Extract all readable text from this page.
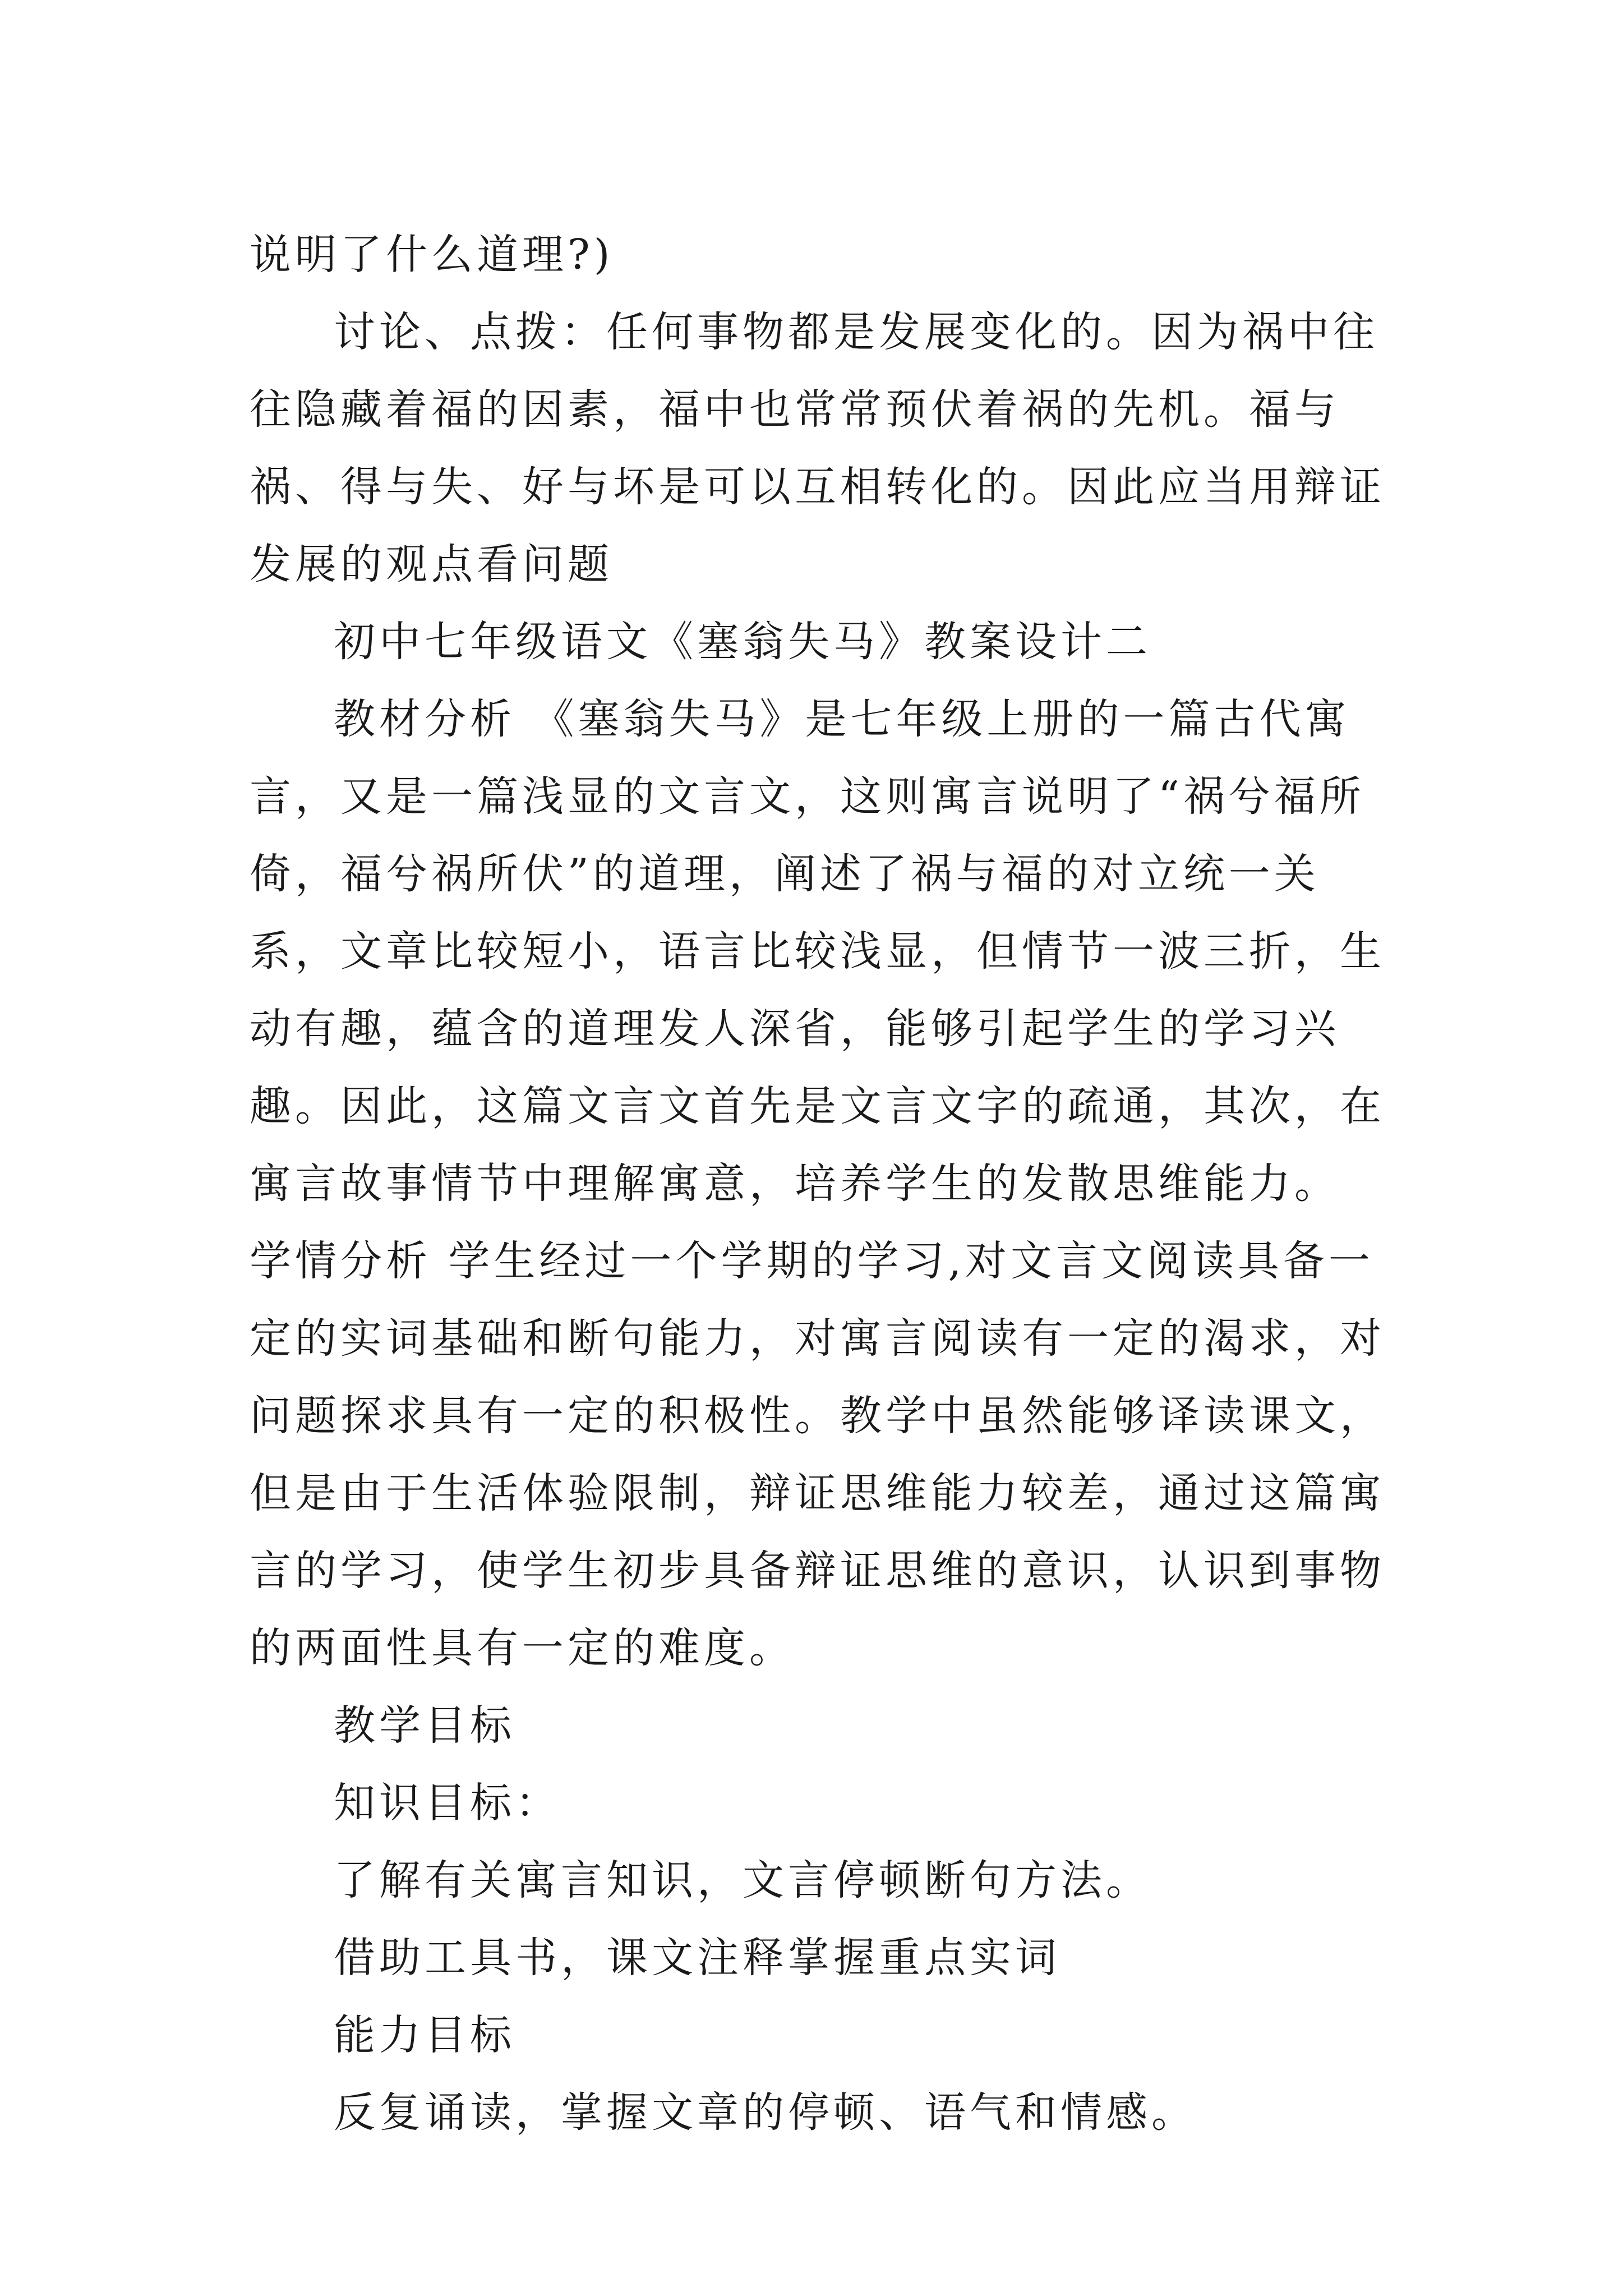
说明了什么道理?)

讨论、点拨：任何事物都是发展变化的。因为祸中往往隐藏着福的因素，福中也常常预伏着祸的先机。福与祸、得与失、好与坏是可以互相转化的。因此应当用辩证发展的观点看问题

初中七年级语文《塞翁失马》教案设计二

教材分析 《塞翁失马》是七年级上册的一篇古代寓言，又是一篇浅显的文言文，这则寓言说明了“祸兮福所倚，福兮祸所伏”的道理，阐述了祸与福的对立统一关系，文章比较短小，语言比较浅显，但情节一波三折，生动有趣，蕴含的道理发人深省，能够引起学生的学习兴趣。因此，这篇文言文首先是文言文字的疏通，其次，在寓言故事情节中理解寓意，培养学生的发散思维能力。 学情分析 学生经过一个学期的学习,对文言文阅读具备一定的实词基础和断句能力，对寓言阅读有一定的渴求，对问题探求具有一定的积极性。教学中虽然能够译读课文，但是由于生活体验限制，辩证思维能力较差，通过这篇寓言的学习，使学生初步具备辩证思维的意识，认识到事物的两面性具有一定的难度。

教学目标

知识目标：

了解有关寓言知识，文言停顿断句方法。

借助工具书，课文注释掌握重点实词

能力目标

反复诵读，掌握文章的停顿、语气和情感。
